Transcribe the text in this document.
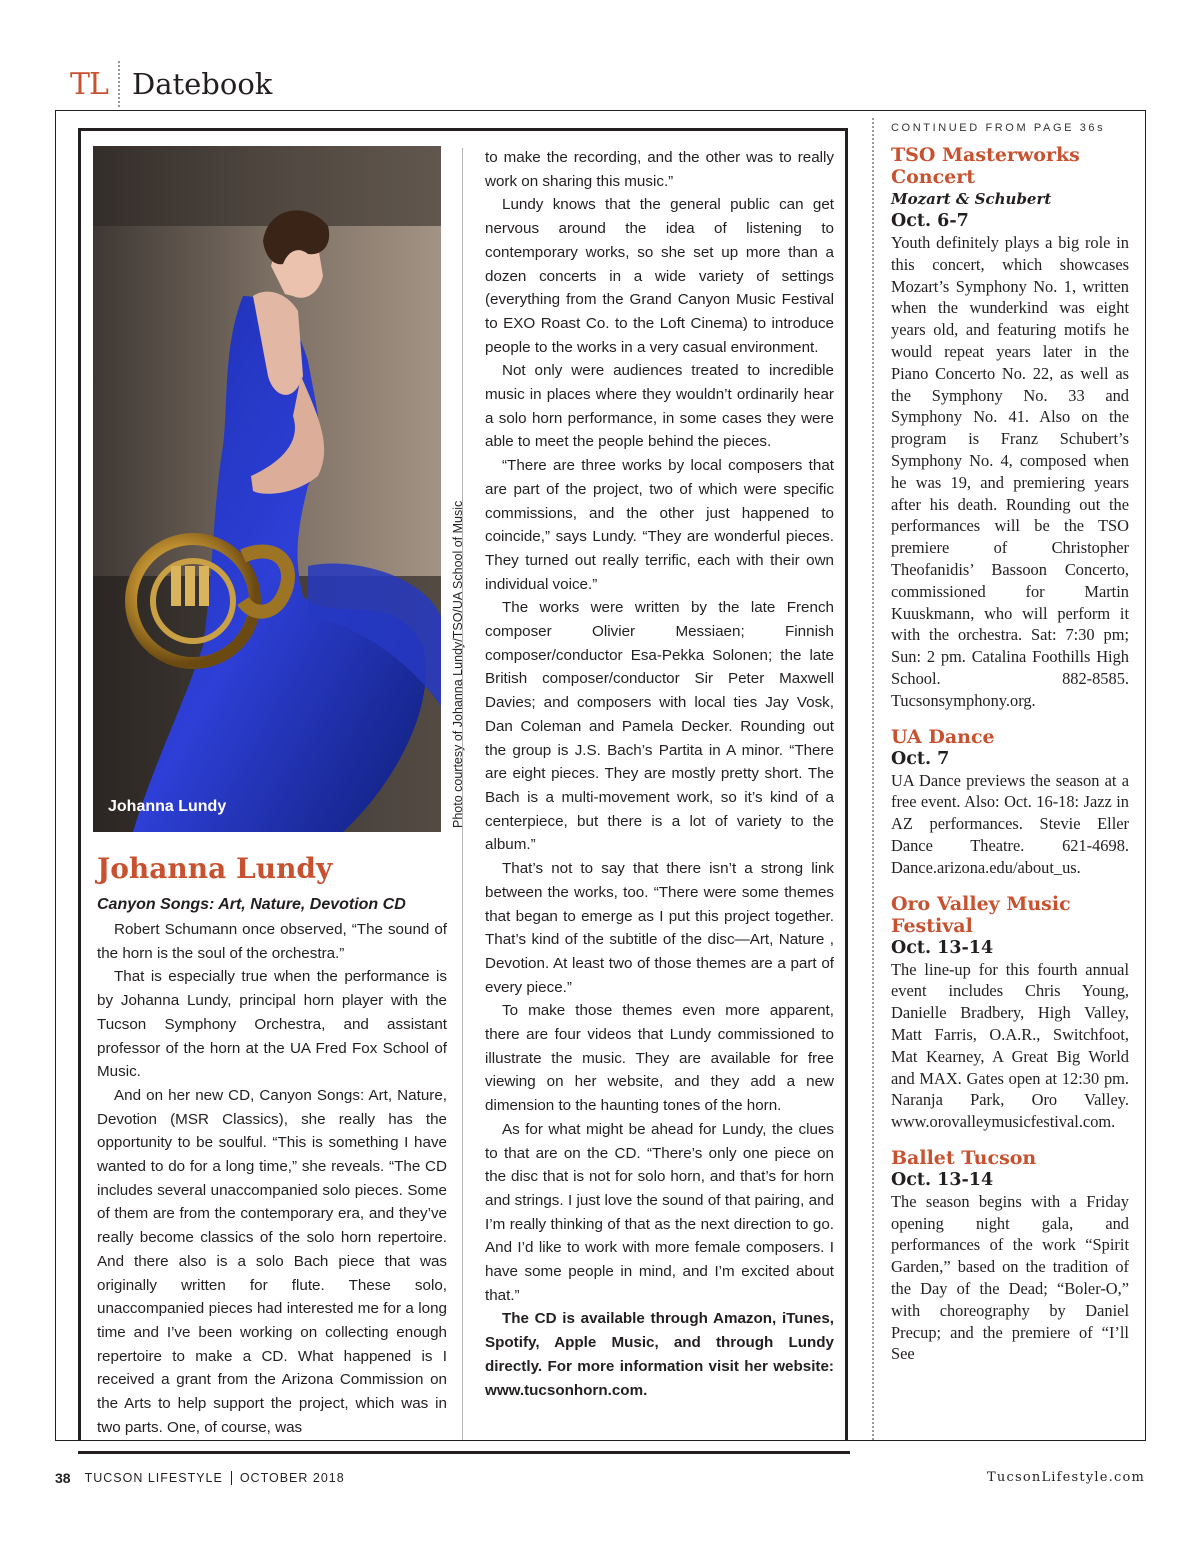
TL Datebook
Johanna Lundy	Photo courtesy of Johanna Lundy/TSO/UA School of Music
Johanna Lundy
Canyon Songs: Art, Nature, Devotion CD

Robert Schumann once observed, “The sound of the horn is the soul of the orchestra.”

That is especially true when the performance is by Johanna Lundy, principal horn player with the Tucson Symphony Orchestra, and assistant professor of the horn at the UA Fred Fox School of Music.

And on her new CD, Canyon Songs: Art, Nature, Devotion (MSR Classics), she really has the opportunity to be soulful. “This is something I have wanted to do for a long time,” she reveals. “The CD includes several unaccompanied solo pieces. Some of them are from the contemporary era, and they’ve really become classics of the solo horn repertoire. And there also is a solo Bach piece that was originally written for flute. These solo, unaccompanied pieces had interested me for a long time and I’ve been working on collecting enough repertoire to make a CD. What happened is I received a grant from the Arizona Commission on the Arts to help support the project, which was in two parts. One, of course, was

to make the recording, and the other was to really work on sharing this music.”

Lundy knows that the general public can get nervous around the idea of listening to contemporary works, so she set up more than a dozen concerts in a wide variety of settings (everything from the Grand Canyon Music Festival to EXO Roast Co. to the Loft Cinema) to introduce people to the works in a very casual environment.

Not only were audiences treated to incredible music in places where they wouldn’t ordinarily hear a solo horn performance, in some cases they were able to meet the people behind the pieces.

“There are three works by local composers that are part of the project, two of which were specific commissions, and the other just happened to coincide,” says Lundy. “They are wonderful pieces. They turned out really terrific, each with their own individual voice.”

The works were written by the late French composer Olivier Messiaen; Finnish composer/conductor Esa-Pekka Solonen; the late British composer/conductor Sir Peter Maxwell Davies; and composers with local ties Jay Vosk, Dan Coleman and Pamela Decker. Rounding out the group is J.S. Bach’s Partita in A minor. “There are eight pieces. They are mostly pretty short. The Bach is a multi-movement work, so it’s kind of a centerpiece, but there is a lot of variety to the album.”

That’s not to say that there isn’t a strong link between the works, too. “There were some themes that began to emerge as I put this project together. That’s kind of the subtitle of the disc—Art, Nature , Devotion. At least two of those themes are a part of every piece.”

To make those themes even more apparent, there are four videos that Lundy commissioned to illustrate the music. They are available for free viewing on her website, and they add a new dimension to the haunting tones of the horn.

As for what might be ahead for Lundy, the clues to that are on the CD. “There’s only one piece on the disc that is not for solo horn, and that’s for horn and strings. I just love the sound of that pairing, and I’m really thinking of that as the next direction to go. And I’d like to work with more female composers. I have some people in mind, and I’m excited about that.”

The CD is available through Amazon, iTunes, Spotify, Apple Music, and through Lundy directly. For more information visit her website: www.tucsonhorn.com.

CONTINUED FROM PAGE 36s
TSO Masterworks Concert
Mozart & Schubert
Oct. 6-7

Youth definitely plays a big role in this concert, which showcases Mozart’s Symphony No. 1, written when the wunderkind was eight years old, and featuring motifs he would repeat years later in the Piano Concerto No. 22, as well as the Symphony No. 33 and Symphony No. 41. Also on the program is Franz Schubert’s Symphony No. 4, composed when he was 19, and premiering years after his death. Rounding out the performances will be the TSO premiere of Christopher Theofanidis’ Bassoon Concerto, commissioned for Martin Kuuskmann, who will perform it with the orchestra. Sat: 7:30 pm; Sun: 2 pm. Catalina Foothills High School. 882-8585. Tucsonsymphony.org.

UA Dance
Oct. 7

UA Dance previews the season at a free event. Also: Oct. 16-18: Jazz in AZ performances. Stevie Eller Dance Theatre. 621-4698. Dance.arizona.edu/about_us.

Oro Valley Music Festival
Oct. 13-14

The line-up for this fourth annual event includes Chris Young, Danielle Bradbery, High Valley, Matt Farris, O.A.R., Switchfoot, Mat Kearney, A Great Big World and MAX. Gates open at 12:30 pm. Naranja Park, Oro Valley. www.orovalleymusicfestival.com.

Ballet Tucson
Oct. 13-14

The season begins with a Friday opening night gala, and performances of the work “Spirit Garden,” based on the tradition of the Day of the Dead; “Boler-O,” with choreography by Daniel Precup; and the premiere of “I’ll See

38 TUCSON LIFESTYLE OCTOBER 2018	TucsonLifestyle.com
